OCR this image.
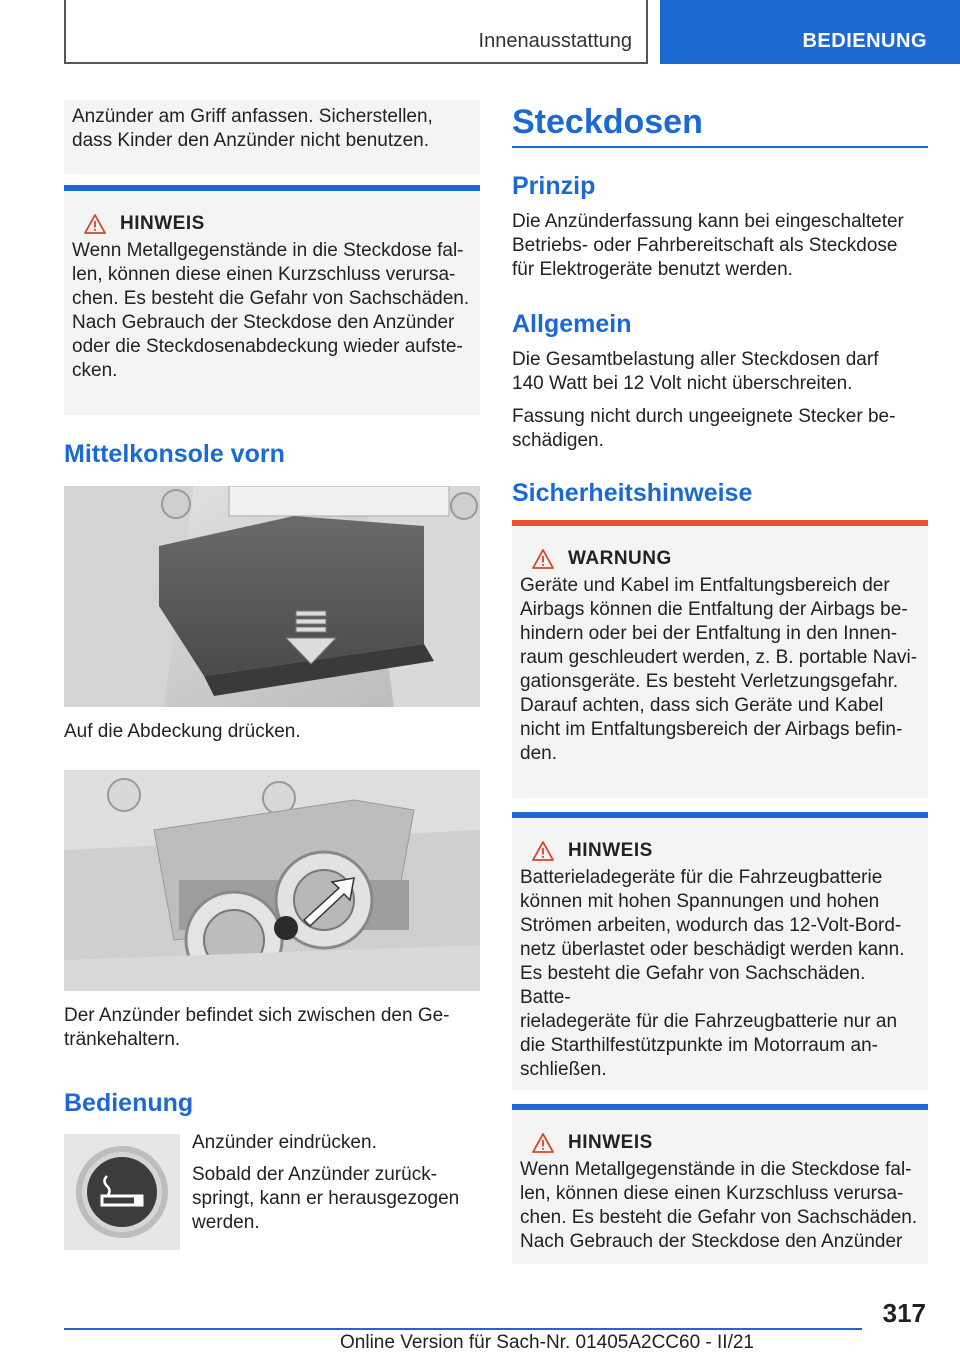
Innenausstattung	BEDIENUNG

Anzünder am Griff anfassen. Sicherstellen, dass Kinder den Anzünder nicht benutzen.

HINWEIS

Wenn Metallgegenstände in die Steckdose fal-

len, können diese einen Kurzschluss verursa-

chen. Es besteht die Gefahr von Sachschäden.

Nach Gebrauch der Steckdose den Anzünder

oder die Steckdosenabdeckung wieder aufste-

cken.

Mittelkonsole vorn

Auf die Abdeckung drücken.

Der Anzünder befindet sich zwischen den Ge-

tränkehaltern.

Bedienung

Anzünder eindrücken.

Sobald der Anzünder zurück-

springt, kann er herausgezogen

werden.

Steckdosen
Prinzip

Die Anzünderfassung kann bei eingeschalteter

Betriebs- oder Fahrbereitschaft als Steckdose

für Elektrogeräte benutzt werden.

Allgemein

Die Gesamtbelastung aller Steckdosen darf

140 Watt bei 12 Volt nicht überschreiten.

Fassung nicht durch ungeeignete Stecker be-

schädigen.

Sicherheitshinweise
WARNUNG

Geräte und Kabel im Entfaltungsbereich der

Airbags können die Entfaltung der Airbags be-

hindern oder bei der Entfaltung in den Innen-

raum geschleudert werden, z. B. portable Navi-

gationsgeräte. Es besteht Verletzungsgefahr.

Darauf achten, dass sich Geräte und Kabel

nicht im Entfaltungsbereich der Airbags befin-

den.

HINWEIS

Batterieladegeräte für die Fahrzeugbatterie

können mit hohen Spannungen und hohen

Strömen arbeiten, wodurch das 12-Volt-Bord-

netz überlastet oder beschädigt werden kann.

Es besteht die Gefahr von Sachschäden. Batte-

rieladegeräte für die Fahrzeugbatterie nur an

die Starthilfestützpunkte im Motorraum an-

schließen.

HINWEIS

Wenn Metallgegenstände in die Steckdose fal-

len, können diese einen Kurzschluss verursa-

chen. Es besteht die Gefahr von Sachschäden.

Nach Gebrauch der Steckdose den Anzünder

317
Online Version für Sach-Nr. 01405A2CC60 - II/21
